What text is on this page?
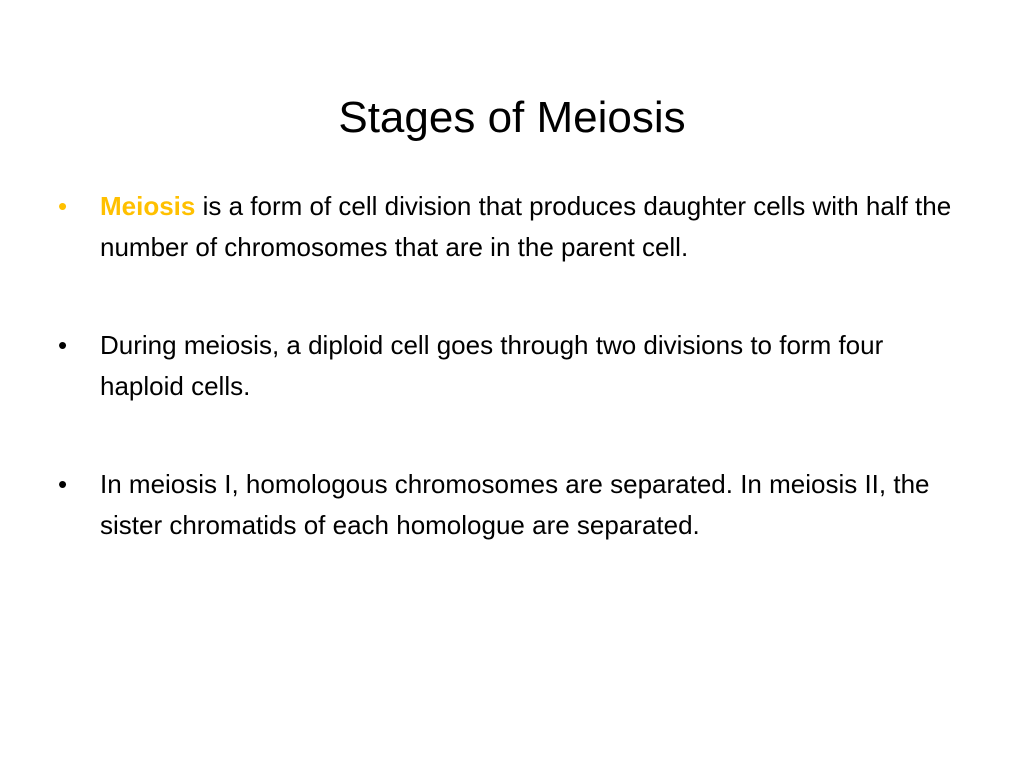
Stages of Meiosis
•	Meiosis is a form of cell division that produces daughter cells with half the number of chromosomes that are in the parent cell.
•	During meiosis, a diploid cell goes through two divisions to form four haploid cells.
•	In meiosis I, homologous chromosomes are separated. In meiosis II, the sister chromatids of each homologue are separated.
